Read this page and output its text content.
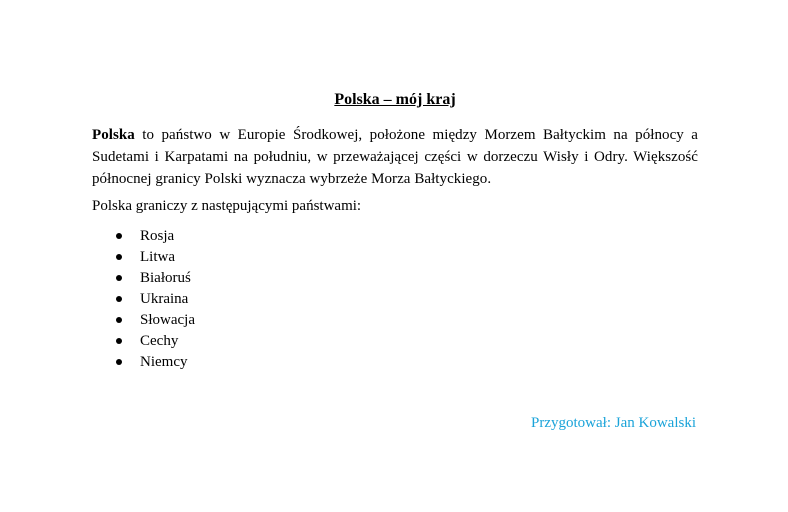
Polska – mój kraj

Polska to państwo w Europie Środkowej, położone między Morzem Bałtyckim na północy a Sudetami i Karpatami na południu, w przeważającej części w dorzeczu Wisły i Odry. Większość północnej granicy Polski wyznacza wybrzeże Morza Bałtyckiego.

Polska graniczy z następującymi państwami:

Rosja
Litwa
Białoruś
Ukraina
Słowacja
Cechy
Niemcy
Przygotował: Jan Kowalski
